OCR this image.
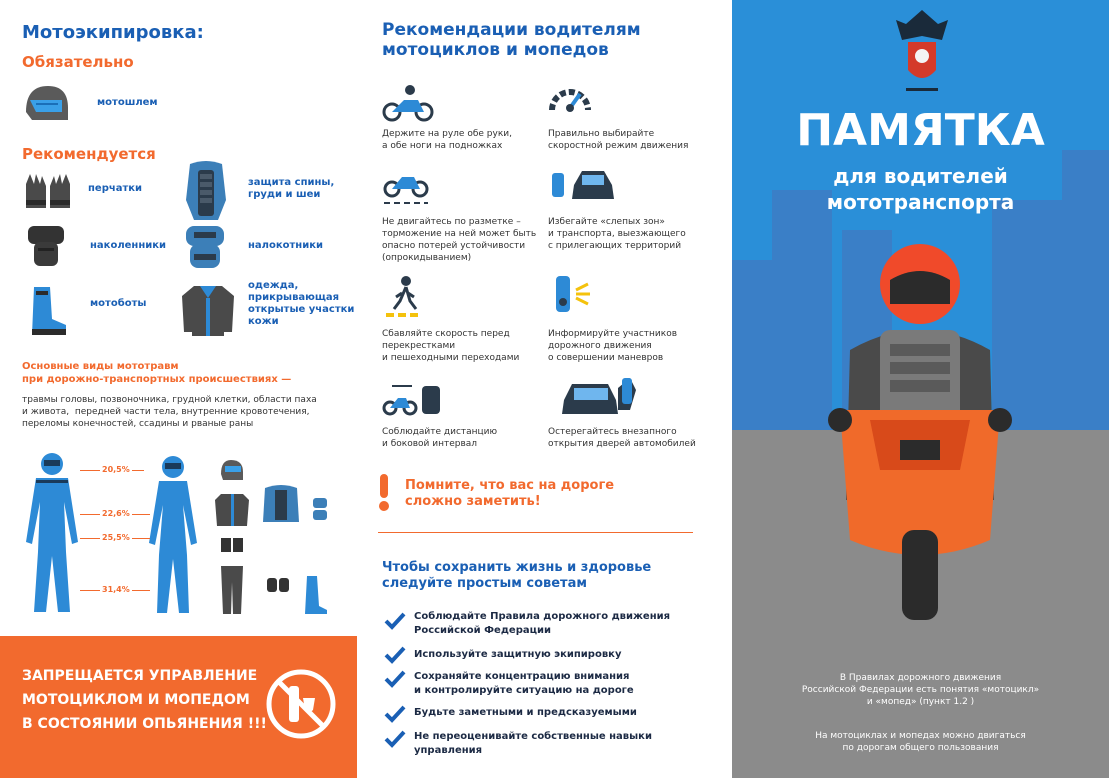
Мотоэкипировка:
Обязательно
мотошлем
Рекомендуется
перчатки
защита спины,
груди и шеи
наколенники	налокотники
мотоботы
одежда,
прикрывающая
открытые участки
кожи
Основные виды мототравм
при дорожно-транспортных происшествиях —
травмы головы, позвоночника, грудной клетки, области паха
и живота,  передней части тела, внутренние кровотечения,
переломы конечностей, ссадины и рваные раны
20,5%
22,6%
25,5%
31,4%
ЗАПРЕЩАЕТСЯ УПРАВЛЕНИЕ
МОТОЦИКЛОМ И МОПЕДОМ
В СОСТОЯНИИ ОПЬЯНЕНИЯ !!!
Рекомендации водителям
мотоциклов и мопедов
Держите на руле обе руки,
а обе ноги на подножках
Правильно выбирайте
скоростной режим движения
Не двигайтесь по разметке –
торможение на ней может быть
опасно потерей устойчивости
(опрокидыванием)
Избегайте «слепых зон»
и транспорта, выезжающего
с прилегающих территорий
Сбавляйте скорость перед
перекрестками
и пешеходными переходами
Информируйте участников
дорожного движения
о совершении маневров
Соблюдайте дистанцию
и боковой интервал
Остерегайтесь внезапного
открытия дверей автомобилей
Помните, что вас на дороге
сложно заметить!
Чтобы сохранить жизнь и здоровье
следуйте простым советам
Соблюдайте Правила дорожного движения
Российской Федерации
Используйте защитную экипировку
Сохраняйте концентрацию внимания
и контролируйте ситуацию на дороге
Будьте заметными и предсказуемыми
Не переоценивайте собственные навыки
управления
ПАМЯТКА
для водителей
мототранспорта
В Правилах дорожного движения
Российской Федерации есть понятия «мотоцикл»
и «мопед» (пункт 1.2 )
На мотоциклах и мопедах можно двигаться
по дорогам общего пользования
